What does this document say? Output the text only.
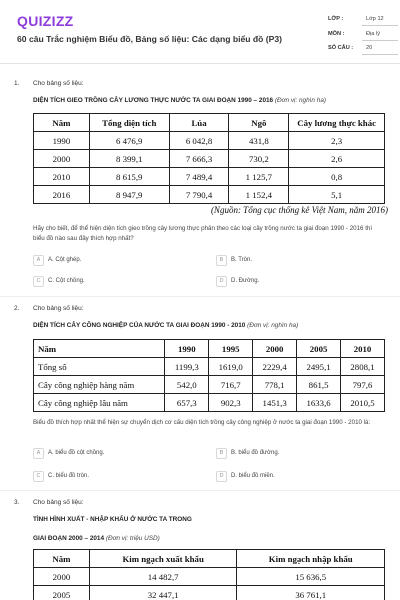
QUIZIZZ
60 câu Trắc nghiệm Biểu đồ, Bảng số liệu: Các dạng biểu đồ (P3)
LỚP :	Lớp 12
MÔN :	Địa lý
SỐ CÂU : 20
1. Cho bảng số liệu:
DIỆN TÍCH GIEO TRỒNG CÂY LƯƠNG THỰC NƯỚC TA GIAI ĐOẠN 1990 – 2016 (Đơn vị: nghìn ha)
Năm	Tổng diện tích	Lúa	Ngô	Cây lương thực khác
1990	6 476,9	6 042,8	431,8	2,3
2000	8 399,1	7 666,3	730,2	2,6
2010	8 615,9	7 489,4	1 125,7	0,8
2016	8 947,9	7 790,4	1 152,4	5,1
(Nguồn: Tổng cục thống kê Việt Nam, năm 2016)
Hãy cho biết, để thể hiện diện tích gieo trồng cây lương thực phân theo các loại cây trồng nước ta giai đoạn 1990 - 2016 thì biểu đồ nào sau đây thích hợp nhất?
A	A. Cột ghép.	B	B. Tròn.
C	C. Cột chồng.	D	D. Đường.
2. Cho bảng số liệu:
DIỆN TÍCH CÂY CÔNG NGHIỆP CỦA NƯỚC TA GIAI ĐOẠN 1990 - 2010 (Đơn vị: nghìn ha)
Năm	1990	1995	2000	2005	2010
Tổng số	1199,3	1619,0	2229,4	2495,1	2808,1
Cây công nghiệp hàng năm	542,0	716,7	778,1	861,5	797,6
Cây công nghiệp lâu năm	657,3	902,3	1451,3	1633,6	2010,5
Biểu đồ thích hợp nhất thể hiện sự chuyển dịch cơ cấu diện tích trồng cây công nghiệp ở nước ta giai đoạn 1990 - 2010 là:
A	A. biểu đồ cột chồng.	B	B. biểu đồ đường.
C	C. biểu đồ tròn.	D	D. biểu đồ miền.
3. Cho bảng số liệu:
TÌNH HÌNH XUẤT - NHẬP KHẨU Ở NƯỚC TA TRONG
GIAI ĐOẠN 2000 – 2014 (Đơn vị: triệu USD)
Năm	Kim ngạch xuất khẩu	Kim ngạch nhập khẩu
2000	14 482,7	15 636,5
2005	32 447,1	36 761,1
